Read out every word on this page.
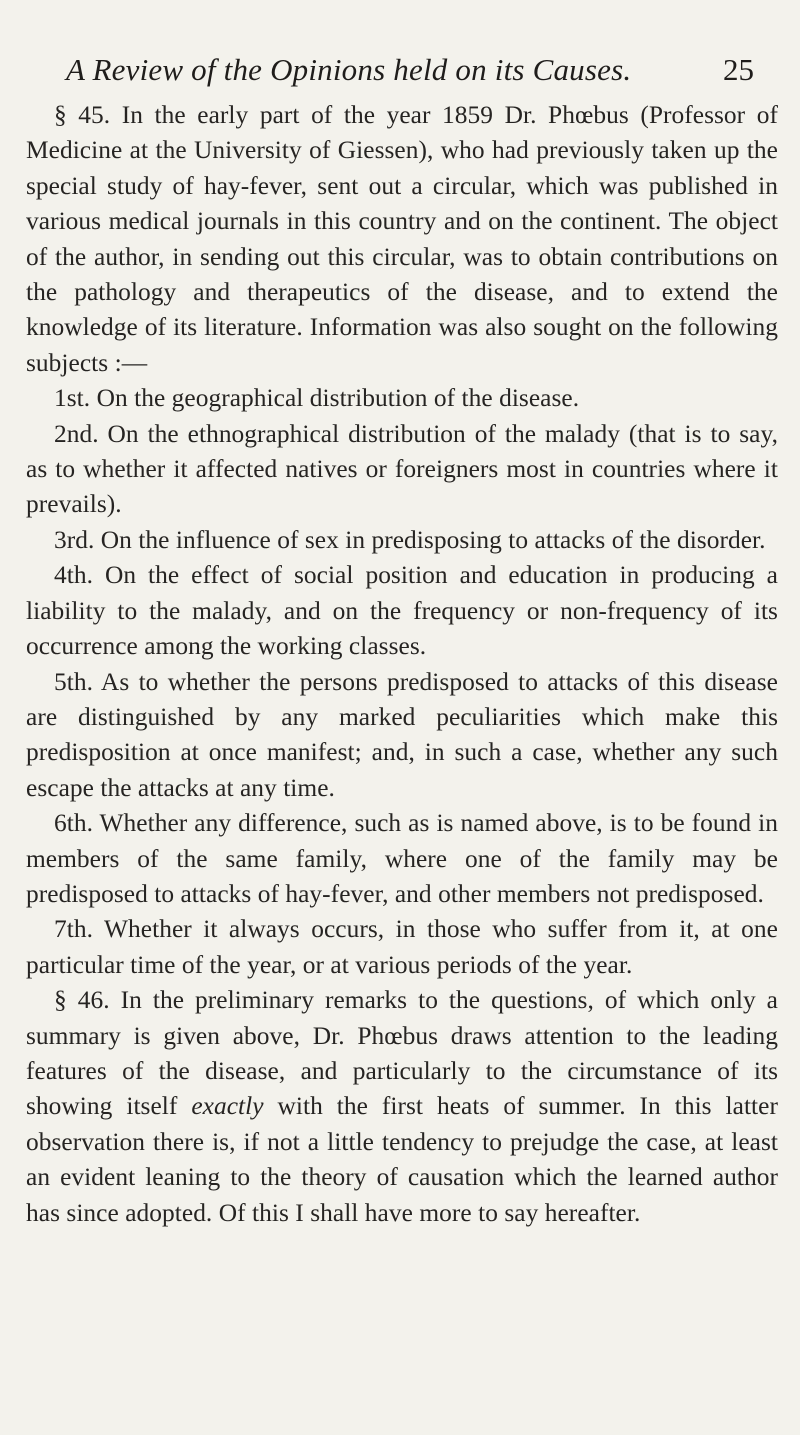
A Review of the Opinions held on its Causes.	25

§ 45. In the early part of the year 1859 Dr. Phœbus (Professor of Medicine at the University of Giessen), who had previously taken up the special study of hay-fever, sent out a circular, which was published in various medical journals in this country and on the continent. The object of the author, in sending out this circular, was to obtain contributions on the pathology and therapeutics of the disease, and to extend the knowledge of its literature. Information was also sought on the following subjects :—

1st. On the geographical distribution of the disease.

2nd. On the ethnographical distribution of the malady (that is to say, as to whether it affected natives or foreigners most in countries where it prevails).

3rd. On the influence of sex in predisposing to attacks of the disorder.

4th. On the effect of social position and education in producing a liability to the malady, and on the frequency or non-frequency of its occurrence among the working classes.

5th. As to whether the persons predisposed to attacks of this disease are distinguished by any marked peculiarities which make this predisposition at once manifest; and, in such a case, whether any such escape the attacks at any time.

6th. Whether any difference, such as is named above, is to be found in members of the same family, where one of the family may be predisposed to attacks of hay-fever, and other members not predisposed.

7th. Whether it always occurs, in those who suffer from it, at one particular time of the year, or at various periods of the year.

§ 46. In the preliminary remarks to the questions, of which only a summary is given above, Dr. Phœbus draws attention to the leading features of the disease, and particularly to the circumstance of its showing itself exactly with the first heats of summer. In this latter observation there is, if not a little tendency to prejudge the case, at least an evident leaning to the theory of causation which the learned author has since adopted. Of this I shall have more to say hereafter.
